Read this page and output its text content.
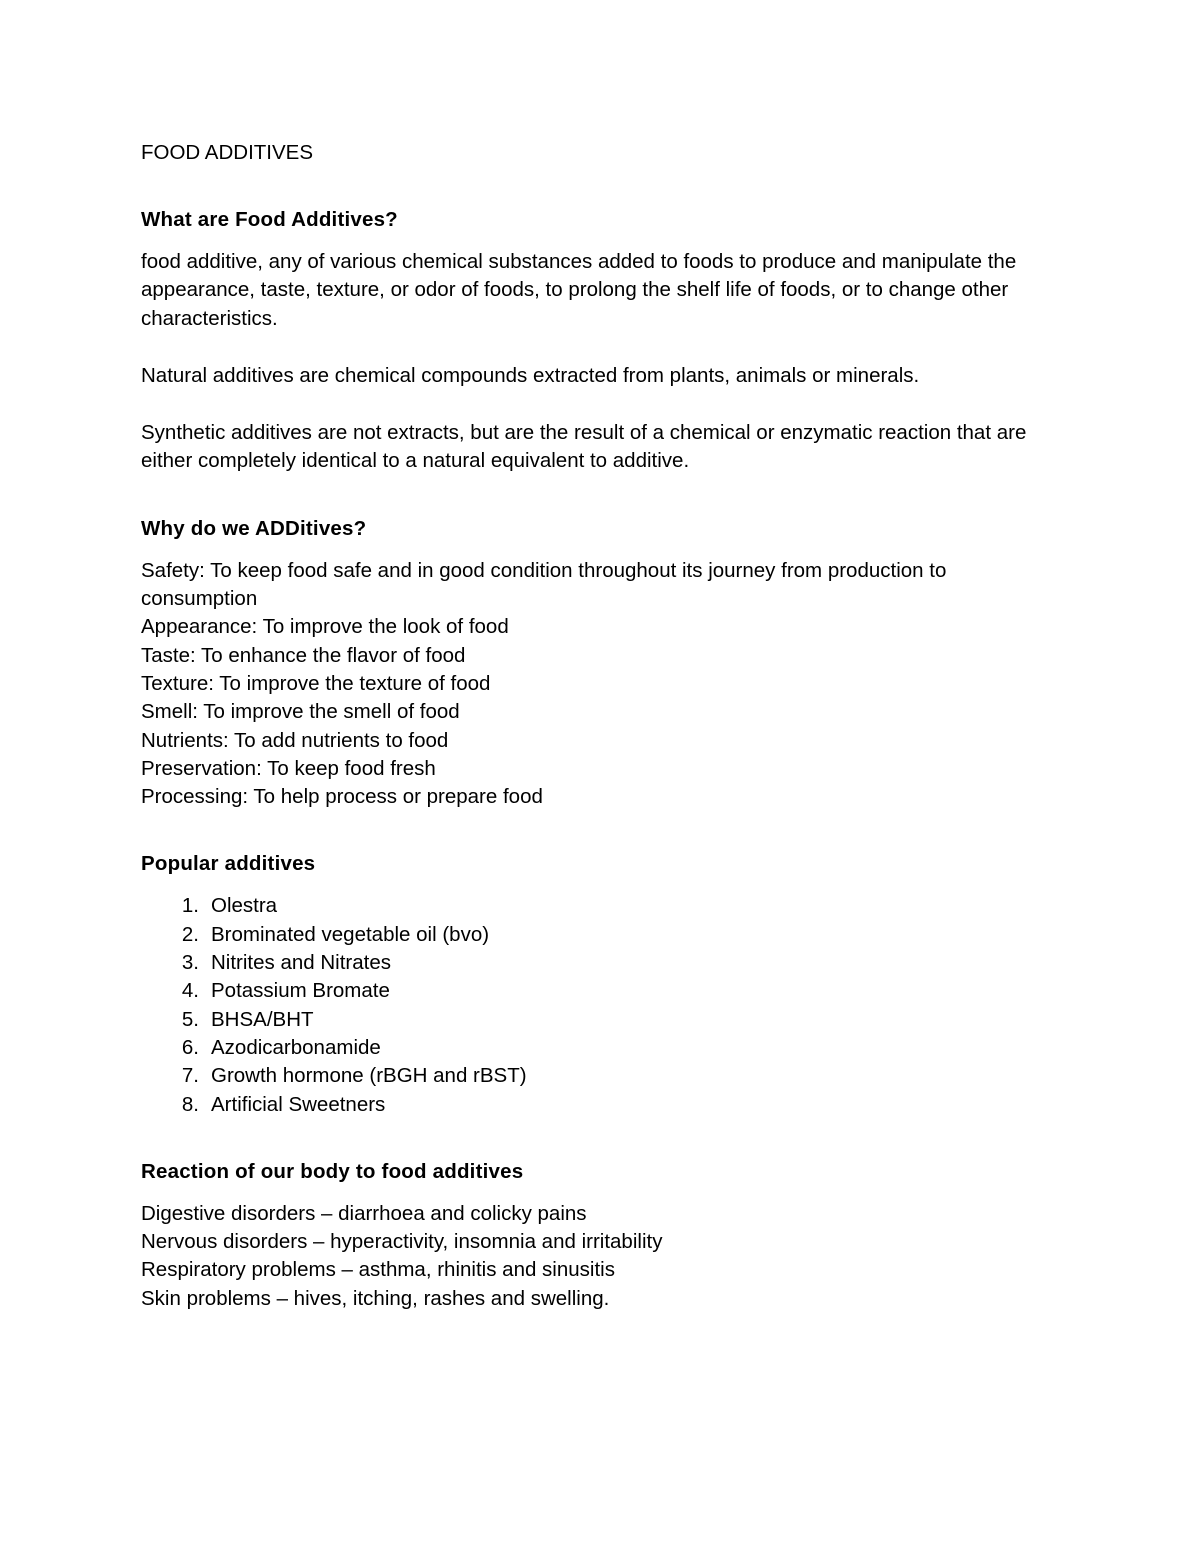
FOOD ADDITIVES
What are Food Additives?

food additive, any of various chemical substances added to foods to produce and manipulate the appearance, taste, texture, or odor of foods, to prolong the shelf life of foods, or to change other characteristics.

Natural additives are chemical compounds extracted from plants, animals or minerals.

Synthetic additives are not extracts, but are the result of a chemical or enzymatic reaction that are either completely identical to a natural equivalent to additive.

Why do we ADDitives?

Safety: To keep food safe and in good condition throughout its journey from production to consumption

Appearance: To improve the look of food
Taste: To enhance the flavor of food
Texture: To improve the texture of food
Smell: To improve the smell of food
Nutrients: To add nutrients to food
Preservation: To keep food fresh
Processing: To help process or prepare food
Popular additives
1. Olestra
2. Brominated vegetable oil (bvo)
3. Nitrites and Nitrates
4. Potassium Bromate
5. BHSA/BHT
6. Azodicarbonamide
7. Growth hormone (rBGH and rBST)
8. Artificial Sweetners
Reaction of our body to food additives
Digestive disorders – diarrhoea and colicky pains
Nervous disorders – hyperactivity, insomnia and irritability
Respiratory problems – asthma, rhinitis and sinusitis
Skin problems – hives, itching, rashes and swelling.
